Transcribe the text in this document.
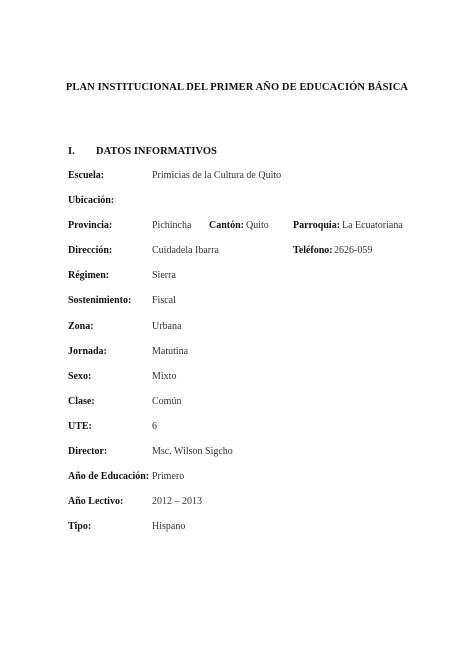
PLAN INSTITUCIONAL DEL PRIMER AÑO DE EDUCACIÓN BÁSICA
I. DATOS INFORMATIVOS
Escuela:	Primicias de la Cultura de Quito
Ubicación:
Provincia:	Pichincha Cantón: Quito Parroquia: La Ecuatoriana
Dirección:	Cuidadela Ibarra	Teléfono: 2626-059
Régimen:	Sierra
Sostenimiento: Fiscal
Zona:	Urbana
Jornada:	Matutina
Sexo:	Mixto
Clase:	Común
UTE:	6
Director:	Msc. Wilson Sigcho
Año de Educación: Primero
Año Lectivo:	2012 – 2013
Tipo:	Hispano
